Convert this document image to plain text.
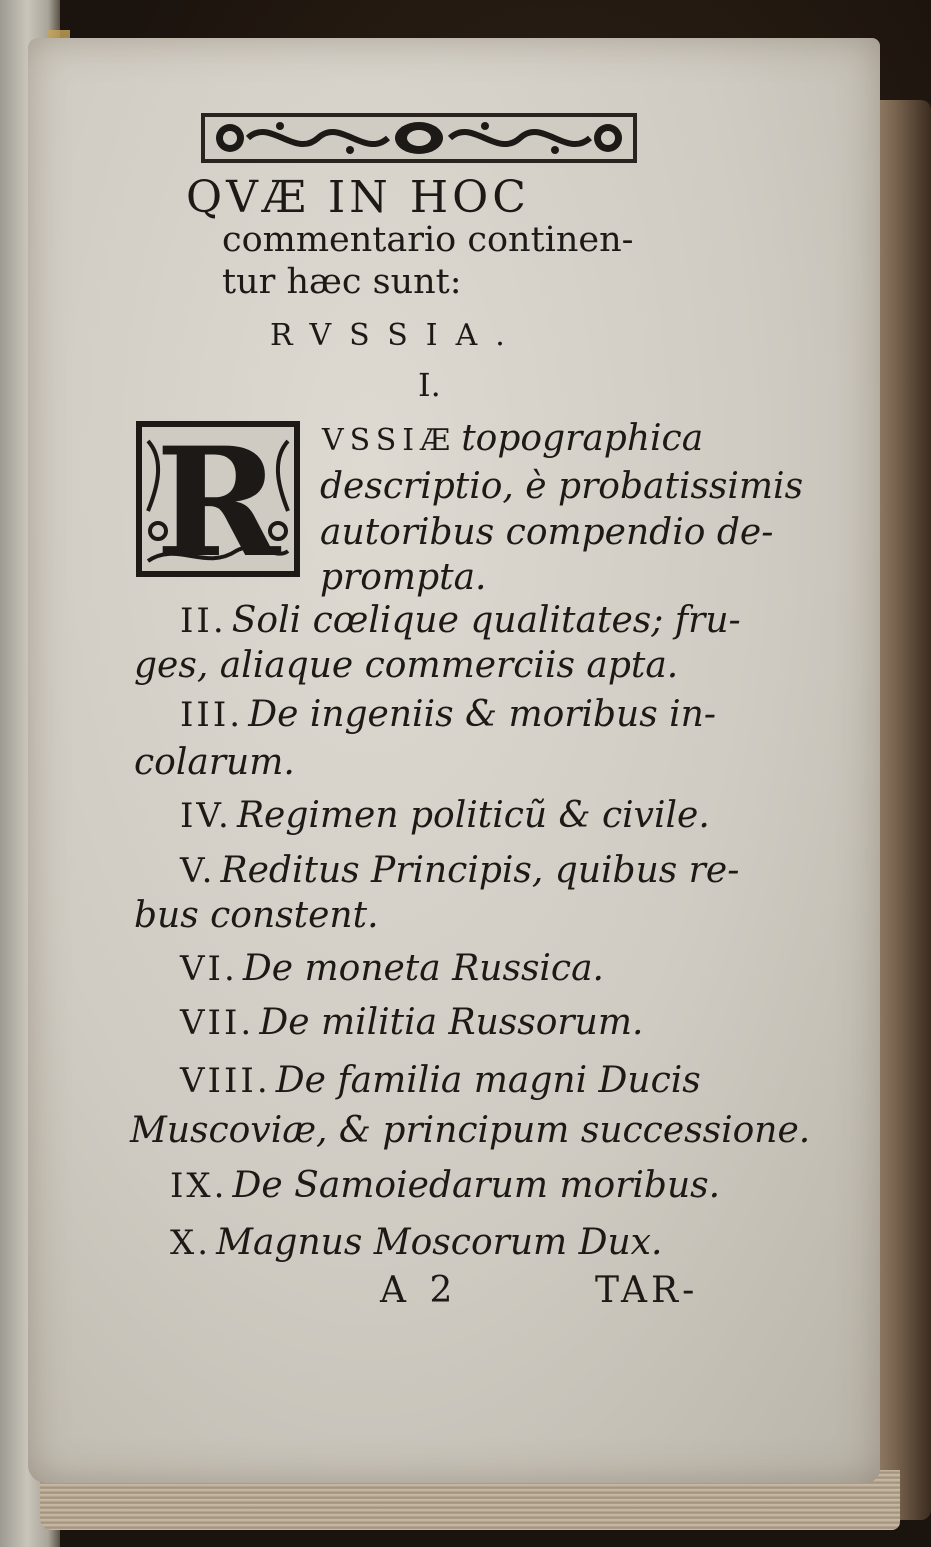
QVÆ IN HOC
commentario continen-
tur hæc sunt:
RVSSIA.
I.
R VSSIÆ topographica
descriptio, è probatissimis
autoribus compendio de-
prompta.
II. Soli cœlique qualitates; fru-
ges, aliaque commerciis apta.
III. De ingeniis & moribus in-
colarum.
IV. Regimen politicũ & civile.
V. Reditus Principis, quibus re-
bus constent.
VI. De moneta Russica.
VII. De militia Russorum.
VIII. De familia magni Ducis
Muscoviæ, & principum successione.
IX. De Samoiedarum moribus.
X. Magnus Moscorum Dux.
A 2	TAR-
